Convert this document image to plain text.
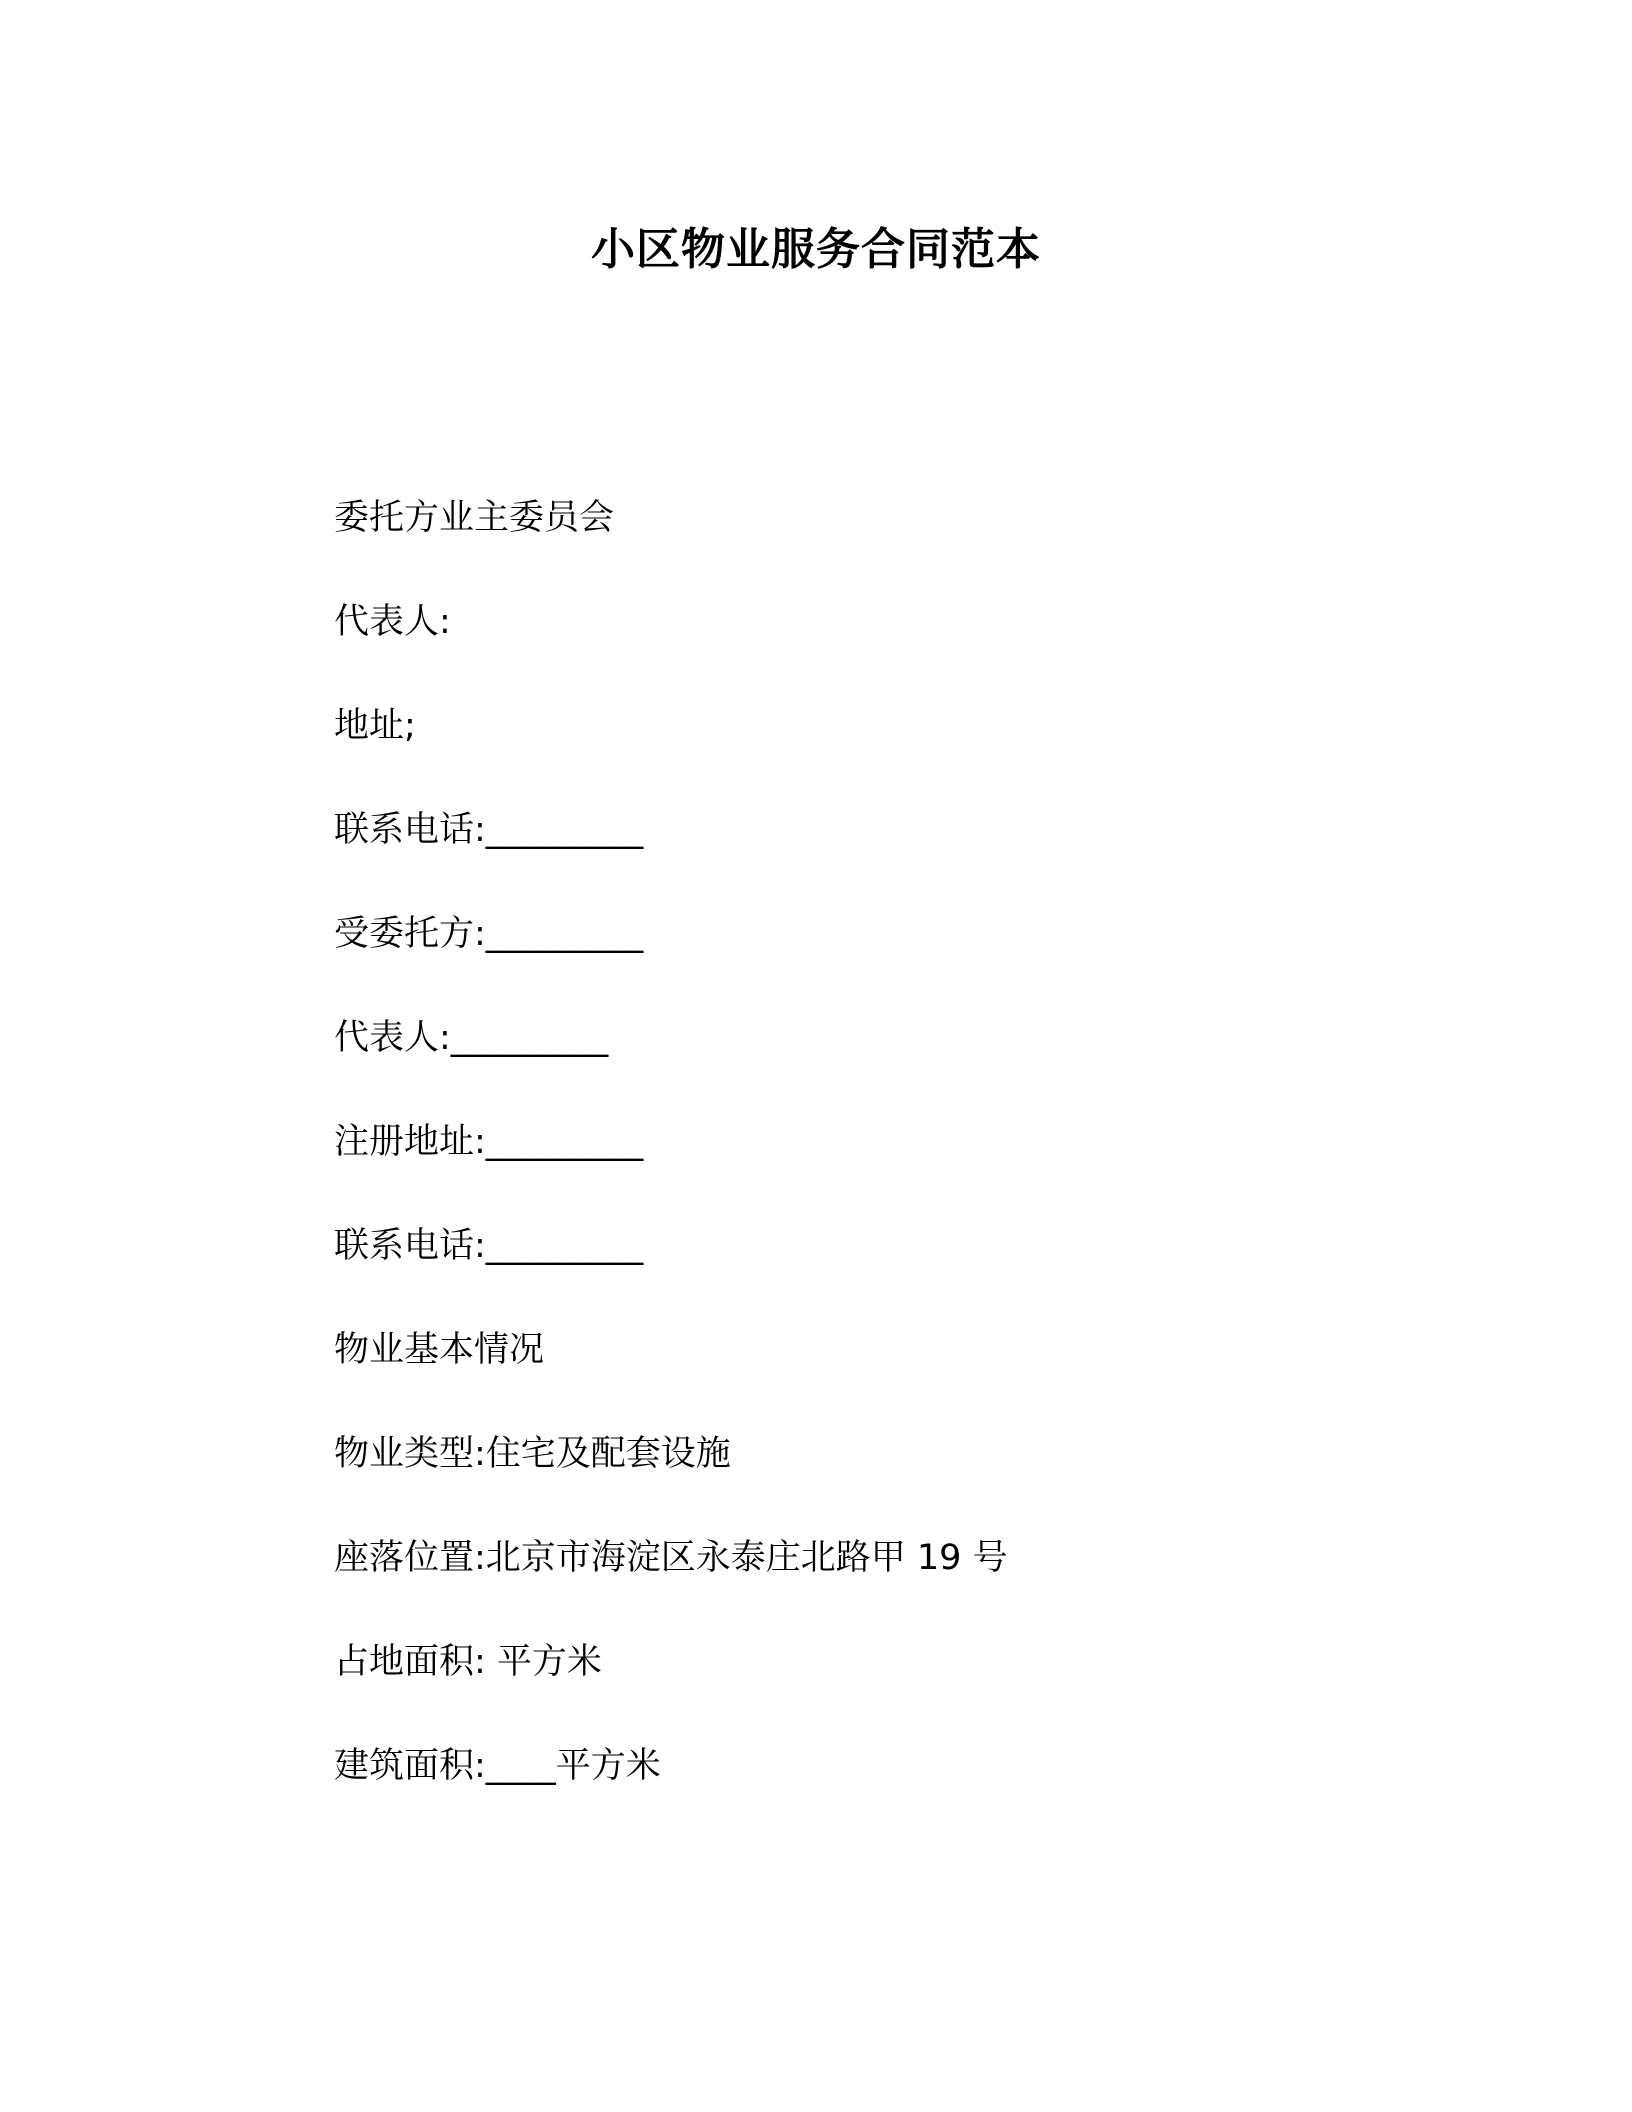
小区物业服务合同范本
委托方业主委员会
代表人:
地址;
联系电话:_________
受委托方:_________
代表人:_________
注册地址:_________
联系电话:_________
物业基本情况
物业类型:住宅及配套设施
座落位置:北京市海淀区永泰庄北路甲 19 号
占地面积: 平方米
建筑面积:____平方米
